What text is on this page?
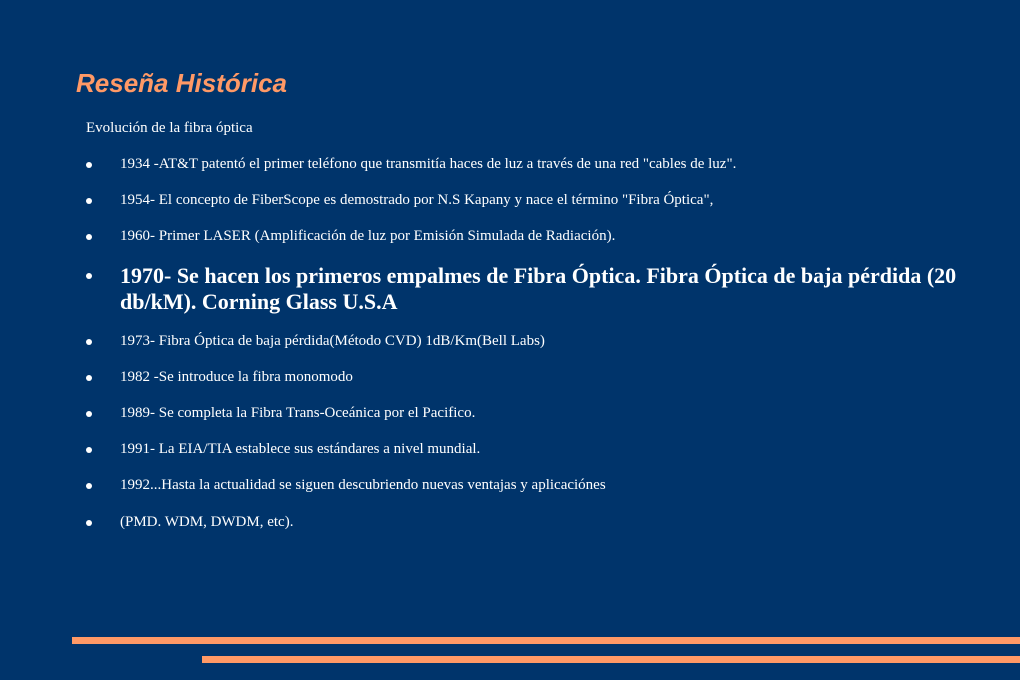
Reseña Histórica

Evolución de la fibra óptica

1934 -AT&T patentó el primer teléfono que transmitía haces de luz a través de una red "cables de luz".
1954- El concepto de FiberScope es demostrado por N.S Kapany y nace el término "Fibra Óptica",
1960- Primer LASER (Amplificación de luz por Emisión Simulada de Radiación).
1970- Se hacen los primeros empalmes de Fibra Óptica. Fibra Óptica de baja pérdida (20 db/kM). Corning Glass U.S.A
1973- Fibra Óptica de baja pérdida(Método CVD) 1dB/Km(Bell Labs)
1982 -Se introduce la fibra monomodo
1989- Se completa la Fibra Trans-Oceánica por el Pacifico.
1991- La EIA/TIA establece sus estándares a nivel mundial.
1992...Hasta la actualidad se siguen descubriendo nuevas ventajas y aplicaciónes
(PMD. WDM, DWDM, etc).
